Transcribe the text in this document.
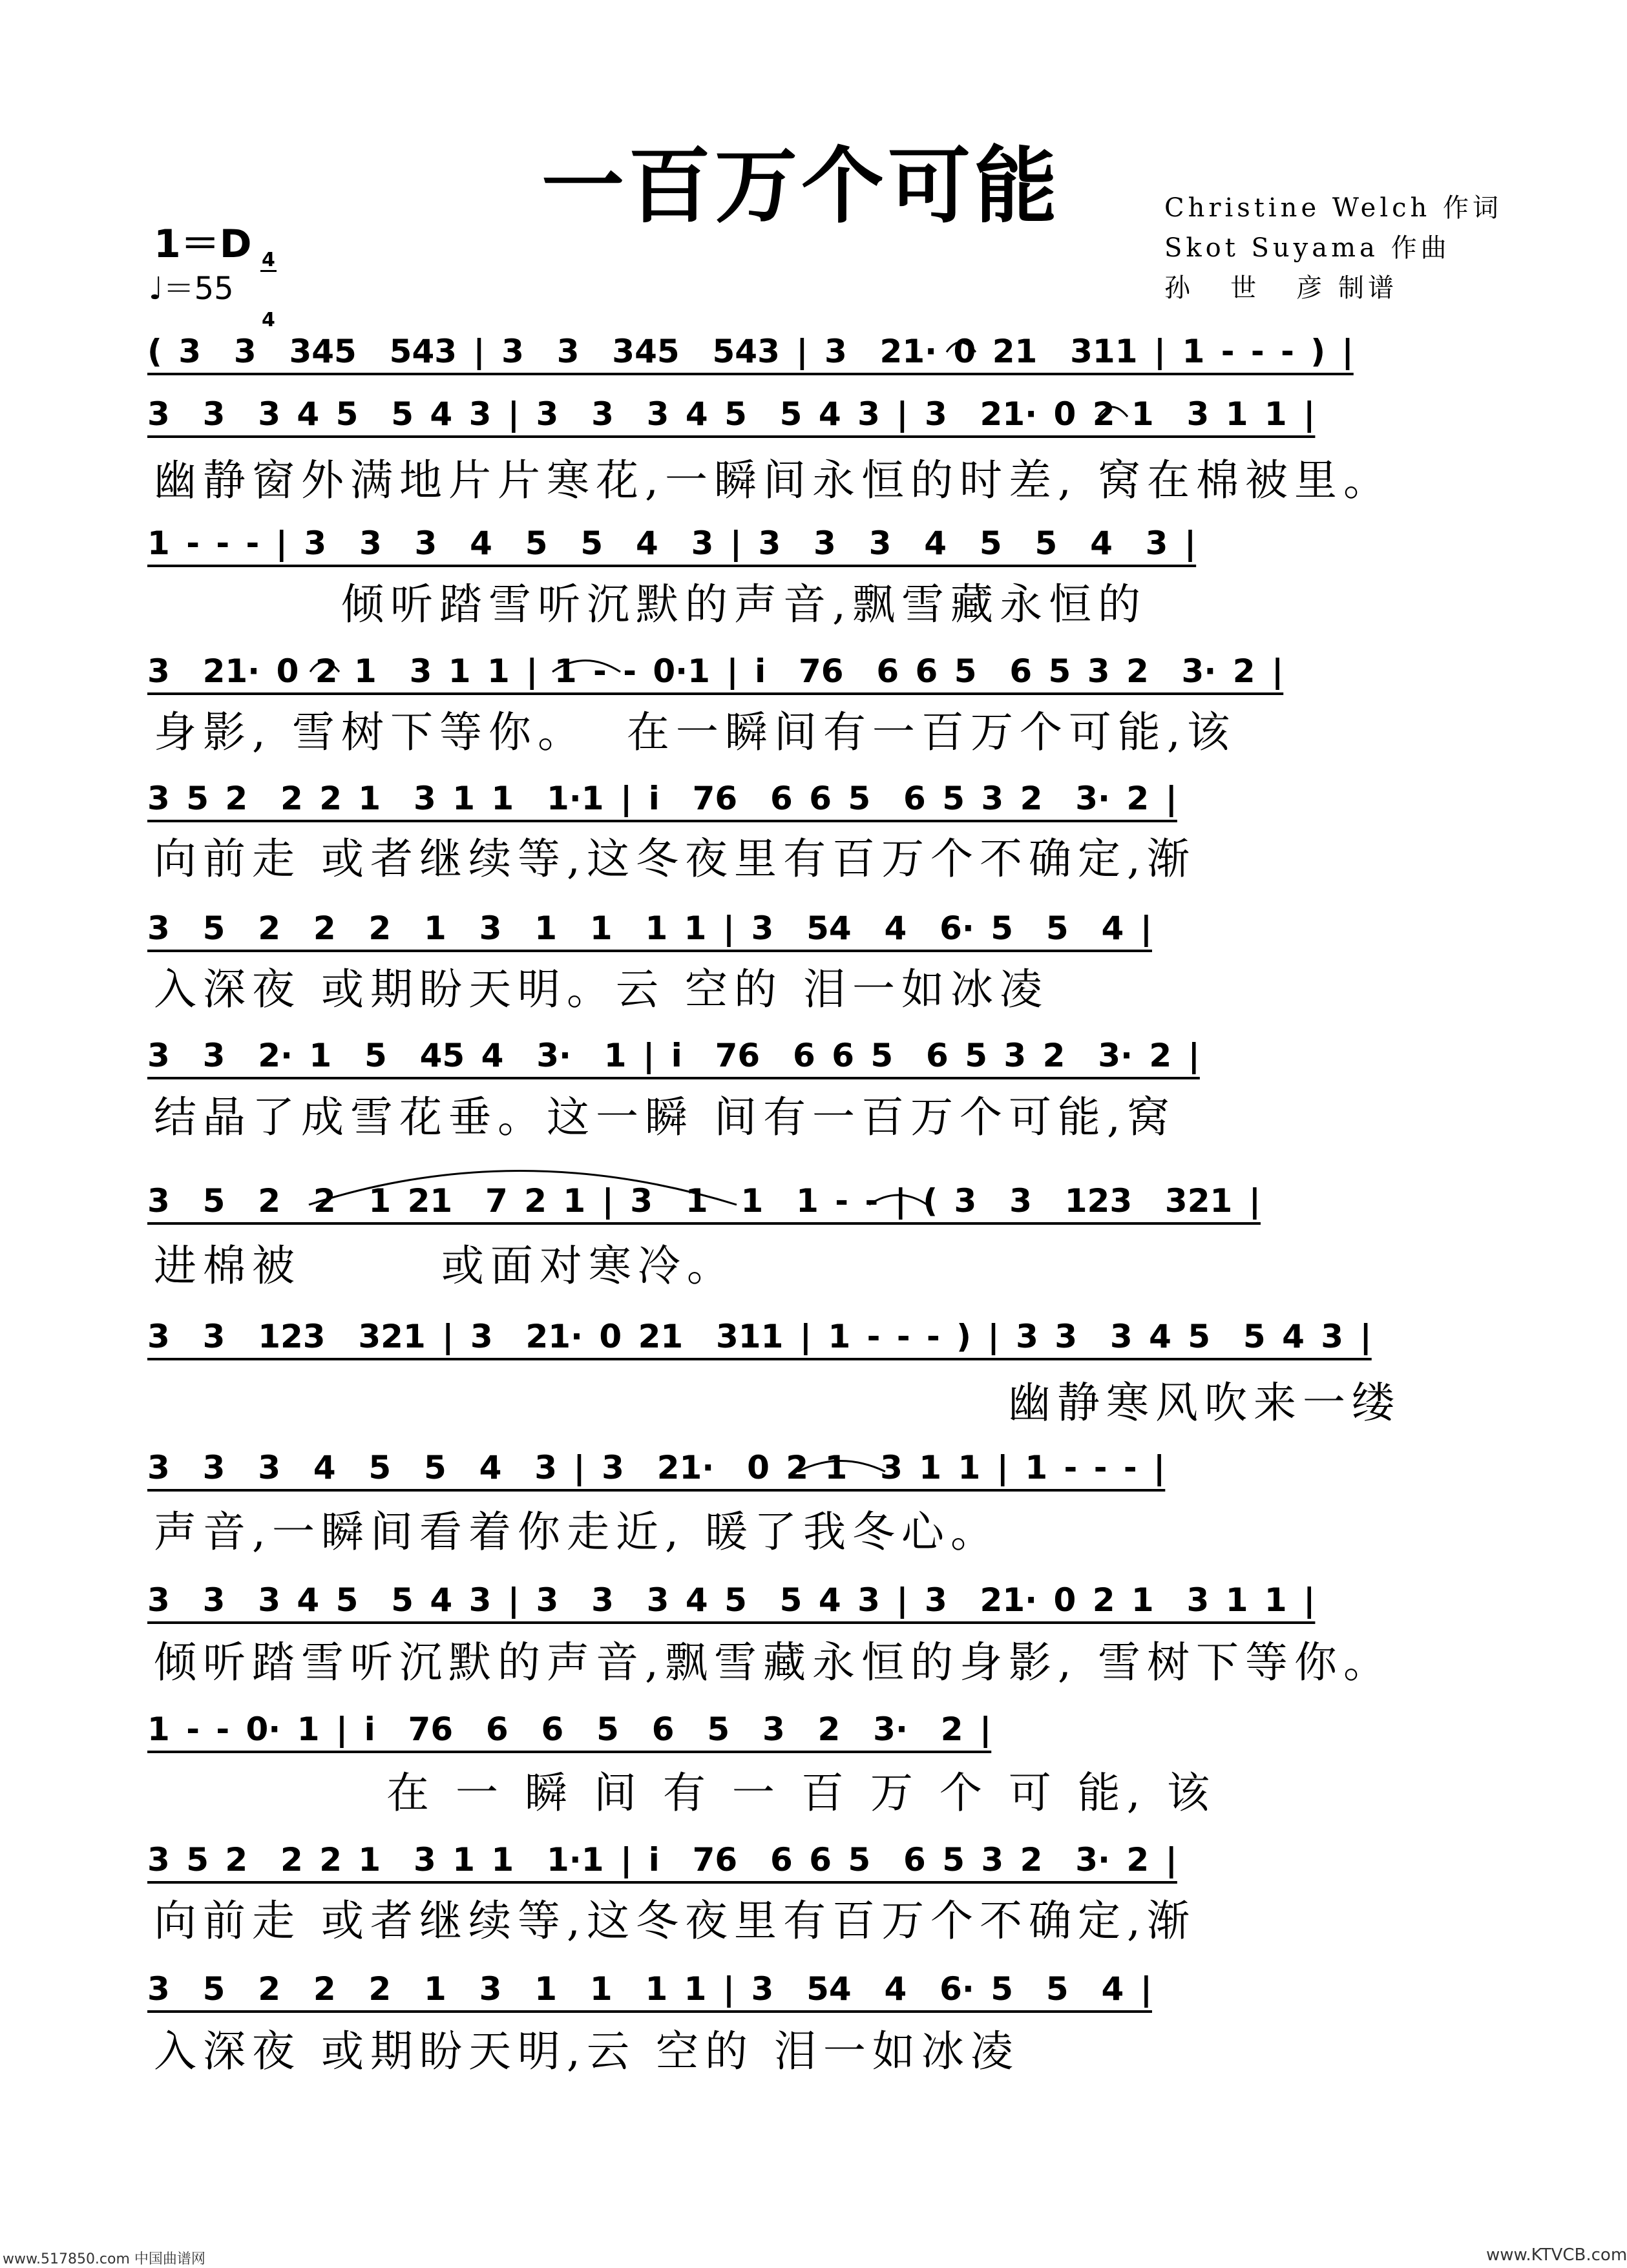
一百万个可能	Christine Welch 作词
Skot Suyama 作曲
孙   世   彦 制谱
1＝D

4

4

♩＝55
( 3  3  345  543 | 3  3  345  543 | 3  21· 0 21  311 | 1 - - - ) |
3  3  3 4 5  5 4 3 | 3  3  3 4 5  5 4 3 | 3  21· 0 2 1  3 1 1 |
幽静窗外满地片片寒花,一瞬间永恒的时差, 窝在棉被里。
1 - - - | 3  3  3  4  5  5  4  3 | 3  3  3  4  5  5  4  3 |
倾听踏雪听沉默的声音,飘雪藏永恒的
3  21· 0 2 1  3 1 1 | 1 - - 0·1 | i  76  6 6 5  6 5 3 2  3· 2 |
身影, 雪树下等你。  在一瞬间有一百万个可能,该
3 5 2  2 2 1  3 1 1  1·1 | i  76  6 6 5  6 5 3 2  3· 2 |
向前走 或者继续等,这冬夜里有百万个不确定,渐
3  5  2  2  2  1  3  1  1  1 1 | 3  54  4  6· 5  5  4 |
入深夜 或期盼天明。云 空的 泪一如冰凌
3  3  2· 1  5  45 4  3·  1 | i  76  6 6 5  6 5 3 2  3· 2 |
结晶了成雪花垂。这一瞬 间有一百万个可能,窝
3  5  2  2  1 21  7 2 1 | 3  1  1  1 - - | ( 3  3  123  321 |
进棉被       或面对寒冷。
3  3  123  321 | 3  21· 0 21  311 | 1 - - - ) | 3 3  3 4 5  5 4 3 |
幽静寒风吹来一缕
3  3  3  4  5  5  4  3 | 3  21·  0 2 1  3 1 1 | 1 - - - |
声音,一瞬间看着你走近, 暖了我冬心。
3  3  3 4 5  5 4 3 | 3  3  3 4 5  5 4 3 | 3  21· 0 2 1  3 1 1 |
倾听踏雪听沉默的声音,飘雪藏永恒的身影, 雪树下等你。
1 - - 0· 1 | i  76  6  6  5  6  5  3  2  3·  2 |
在 一 瞬 间 有 一 百 万 个 可 能, 该
3 5 2  2 2 1  3 1 1  1·1 | i  76  6 6 5  6 5 3 2  3· 2 |
向前走 或者继续等,这冬夜里有百万个不确定,渐
3  5  2  2  2  1  3  1  1  1 1 | 3  54  4  6· 5  5  4 |
入深夜 或期盼天明,云 空的 泪一如冰凌
www.517850.com 中国曲谱网	www.KTVCB.com
